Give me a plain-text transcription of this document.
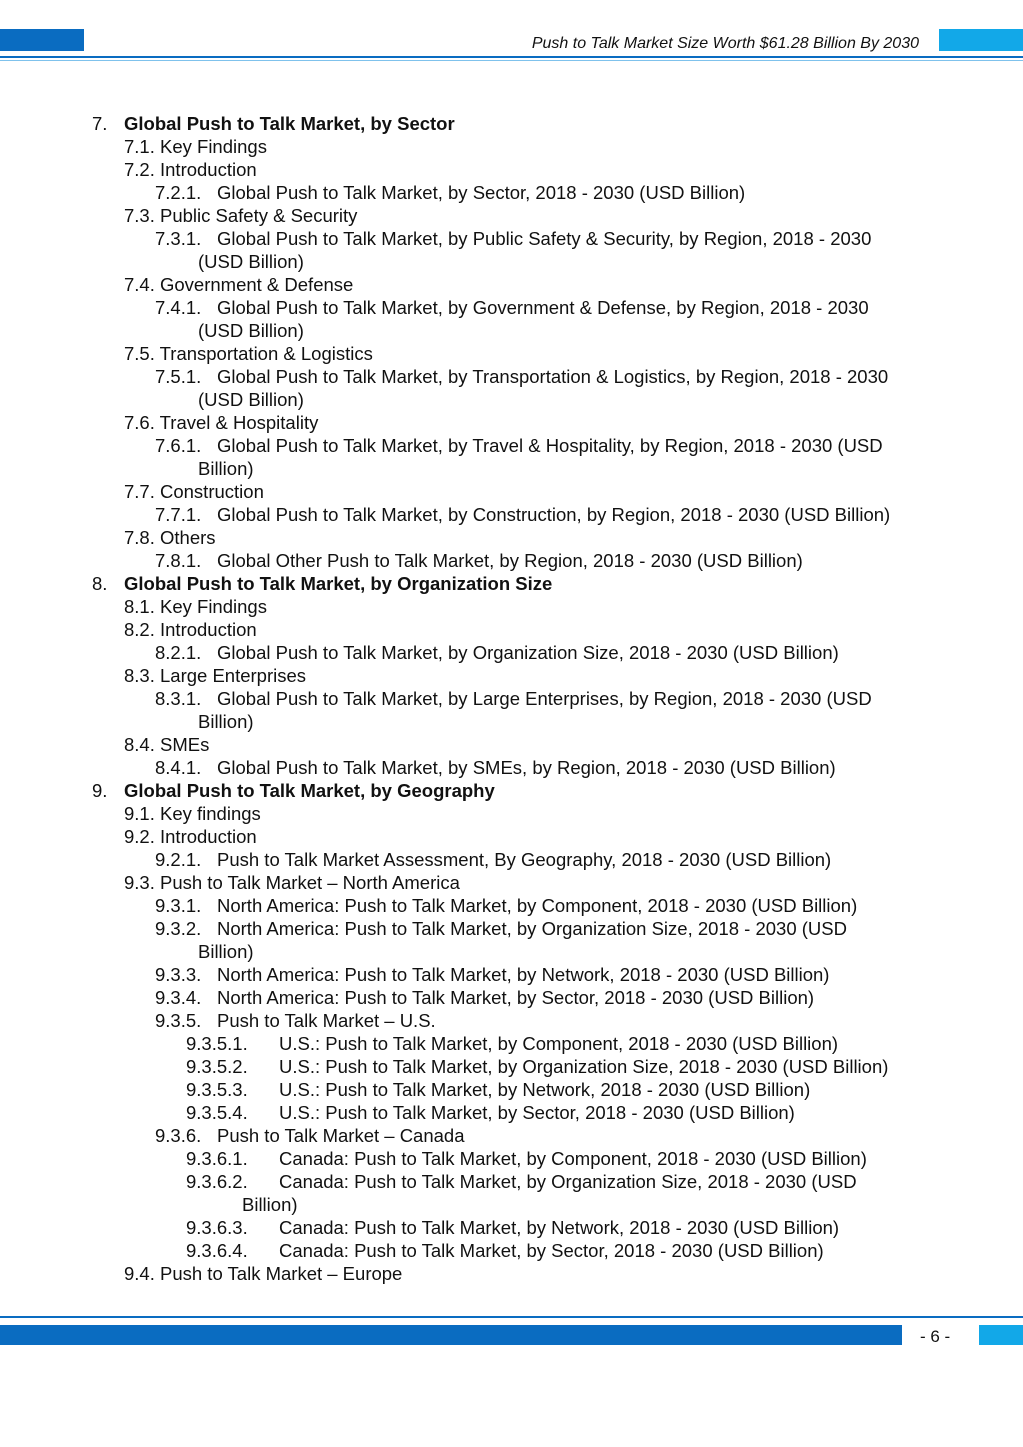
Push to Talk Market Size Worth $61.28 Billion By 2030
7. Global Push to Talk Market, by Sector
7.1. Key Findings
7.2. Introduction
7.2.1. Global Push to Talk Market, by Sector, 2018 - 2030 (USD Billion)
7.3. Public Safety & Security
7.3.1. Global Push to Talk Market, by Public Safety & Security, by Region, 2018 - 2030
(USD Billion)
7.4. Government & Defense
7.4.1. Global Push to Talk Market, by Government & Defense, by Region, 2018 - 2030
(USD Billion)
7.5. Transportation & Logistics
7.5.1. Global Push to Talk Market, by Transportation & Logistics, by Region, 2018 - 2030
(USD Billion)
7.6. Travel & Hospitality
7.6.1. Global Push to Talk Market, by Travel & Hospitality, by Region, 2018 - 2030 (USD
Billion)
7.7. Construction
7.7.1. Global Push to Talk Market, by Construction, by Region, 2018 - 2030 (USD Billion)
7.8. Others
7.8.1. Global Other Push to Talk Market, by Region, 2018 - 2030 (USD Billion)
8. Global Push to Talk Market, by Organization Size
8.1. Key Findings
8.2. Introduction
8.2.1. Global Push to Talk Market, by Organization Size, 2018 - 2030 (USD Billion)
8.3. Large Enterprises
8.3.1. Global Push to Talk Market, by Large Enterprises, by Region, 2018 - 2030 (USD
Billion)
8.4. SMEs
8.4.1. Global Push to Talk Market, by SMEs, by Region, 2018 - 2030 (USD Billion)
9. Global Push to Talk Market, by Geography
9.1. Key findings
9.2. Introduction
9.2.1. Push to Talk Market Assessment, By Geography, 2018 - 2030 (USD Billion)
9.3. Push to Talk Market – North America
9.3.1. North America: Push to Talk Market, by Component, 2018 - 2030 (USD Billion)
9.3.2. North America: Push to Talk Market, by Organization Size, 2018 - 2030 (USD
Billion)
9.3.3. North America: Push to Talk Market, by Network, 2018 - 2030 (USD Billion)
9.3.4. North America: Push to Talk Market, by Sector, 2018 - 2030 (USD Billion)
9.3.5. Push to Talk Market – U.S.
9.3.5.1. U.S.: Push to Talk Market, by Component, 2018 - 2030 (USD Billion)
9.3.5.2. U.S.: Push to Talk Market, by Organization Size, 2018 - 2030 (USD Billion)
9.3.5.3. U.S.: Push to Talk Market, by Network, 2018 - 2030 (USD Billion)
9.3.5.4. U.S.: Push to Talk Market, by Sector, 2018 - 2030 (USD Billion)
9.3.6. Push to Talk Market – Canada
9.3.6.1. Canada: Push to Talk Market, by Component, 2018 - 2030 (USD Billion)
9.3.6.2. Canada: Push to Talk Market, by Organization Size, 2018 - 2030 (USD
Billion)
9.3.6.3. Canada: Push to Talk Market, by Network, 2018 - 2030 (USD Billion)
9.3.6.4. Canada: Push to Talk Market, by Sector, 2018 - 2030 (USD Billion)
9.4. Push to Talk Market – Europe
- 6 -
